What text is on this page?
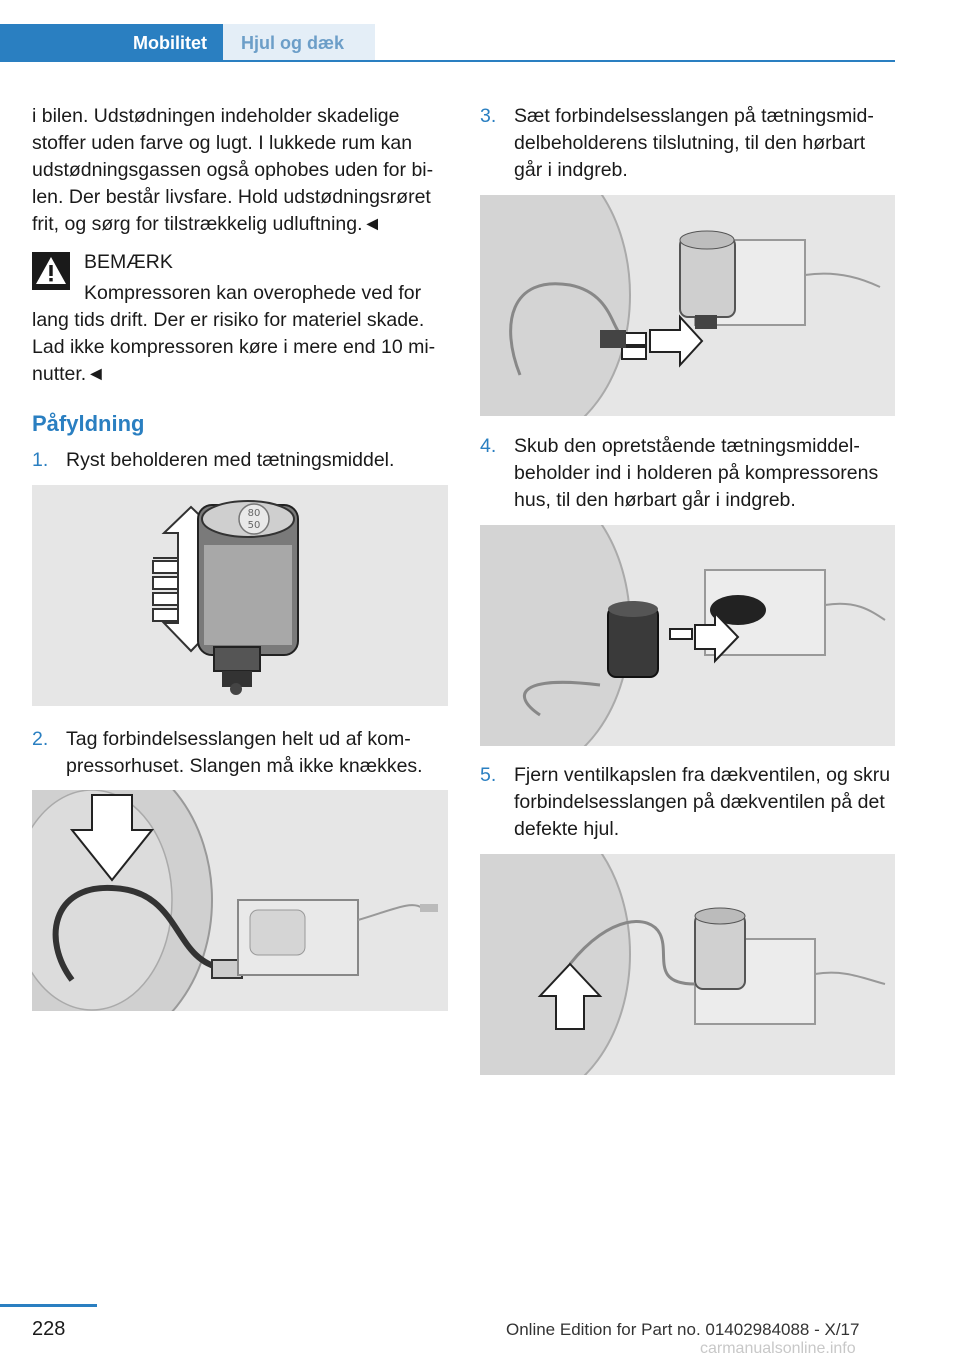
Mobilitet	Hjul og dæk
i bilen. Udstødningen indeholder skadelige stoffer uden farve og lugt. I lukkede rum kan udstødningsgassen også ophobes uden for bilen. Der består livsfare. Hold udstødningsrøret frit, og sørg for tilstrækkelig udluftning.◄
BEMÆRK
Kompressoren kan overophede ved for lang tids drift. Der er risiko for materiel skade. Lad ikke kompressoren køre i mere end 10 minutter.◄
Påfyldning
1. Ryst beholderen med tætningsmiddel.
80
50
2. Tag forbindelsesslangen helt ud af kompressorhuset. Slangen må ikke knækkes.
3. Sæt forbindelsesslangen på tætningsmiddelbeholderens tilslutning, til den hørbart går i indgreb.
4. Skub den opretstående tætningsmiddelbeholder ind i holderen på kompressorens hus, til den hørbart går i indgreb.
5. Fjern ventilkapslen fra dækventilen, og skru forbindelsesslangen på dækventilen på det defekte hjul.
228	Online Edition for Part no. 01402984088 - X/17
carmanualsonline.info
